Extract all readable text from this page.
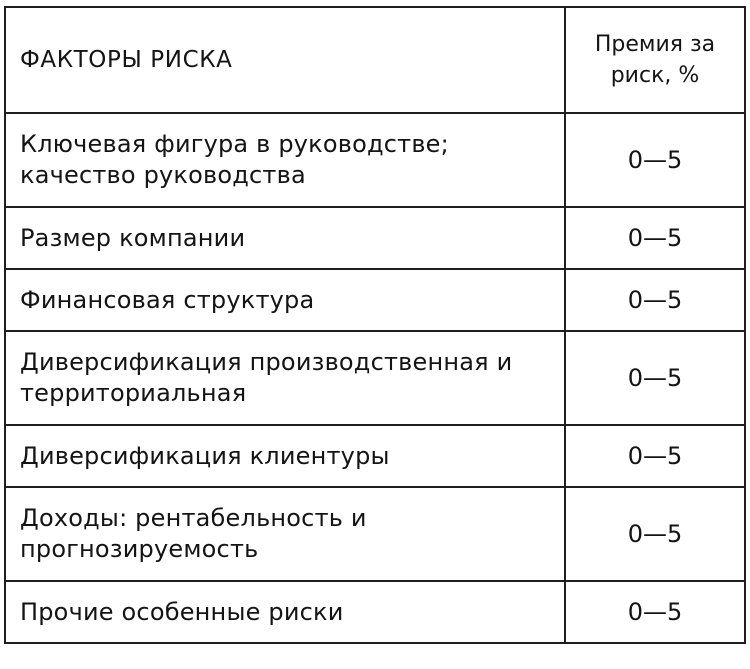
ФАКТОРЫ РИСКА	Премия за
риск, %

Ключевая фигура в руководстве;
качество руководства	0—5

Размер компании	0—5

Финансовая структура	0—5

Диверсификация производственная и
территориальная	0—5

Диверсификация клиентуры	0—5

Доходы: рентабельность и
прогнозируемость	0—5

Прочие особенные риски	0—5
